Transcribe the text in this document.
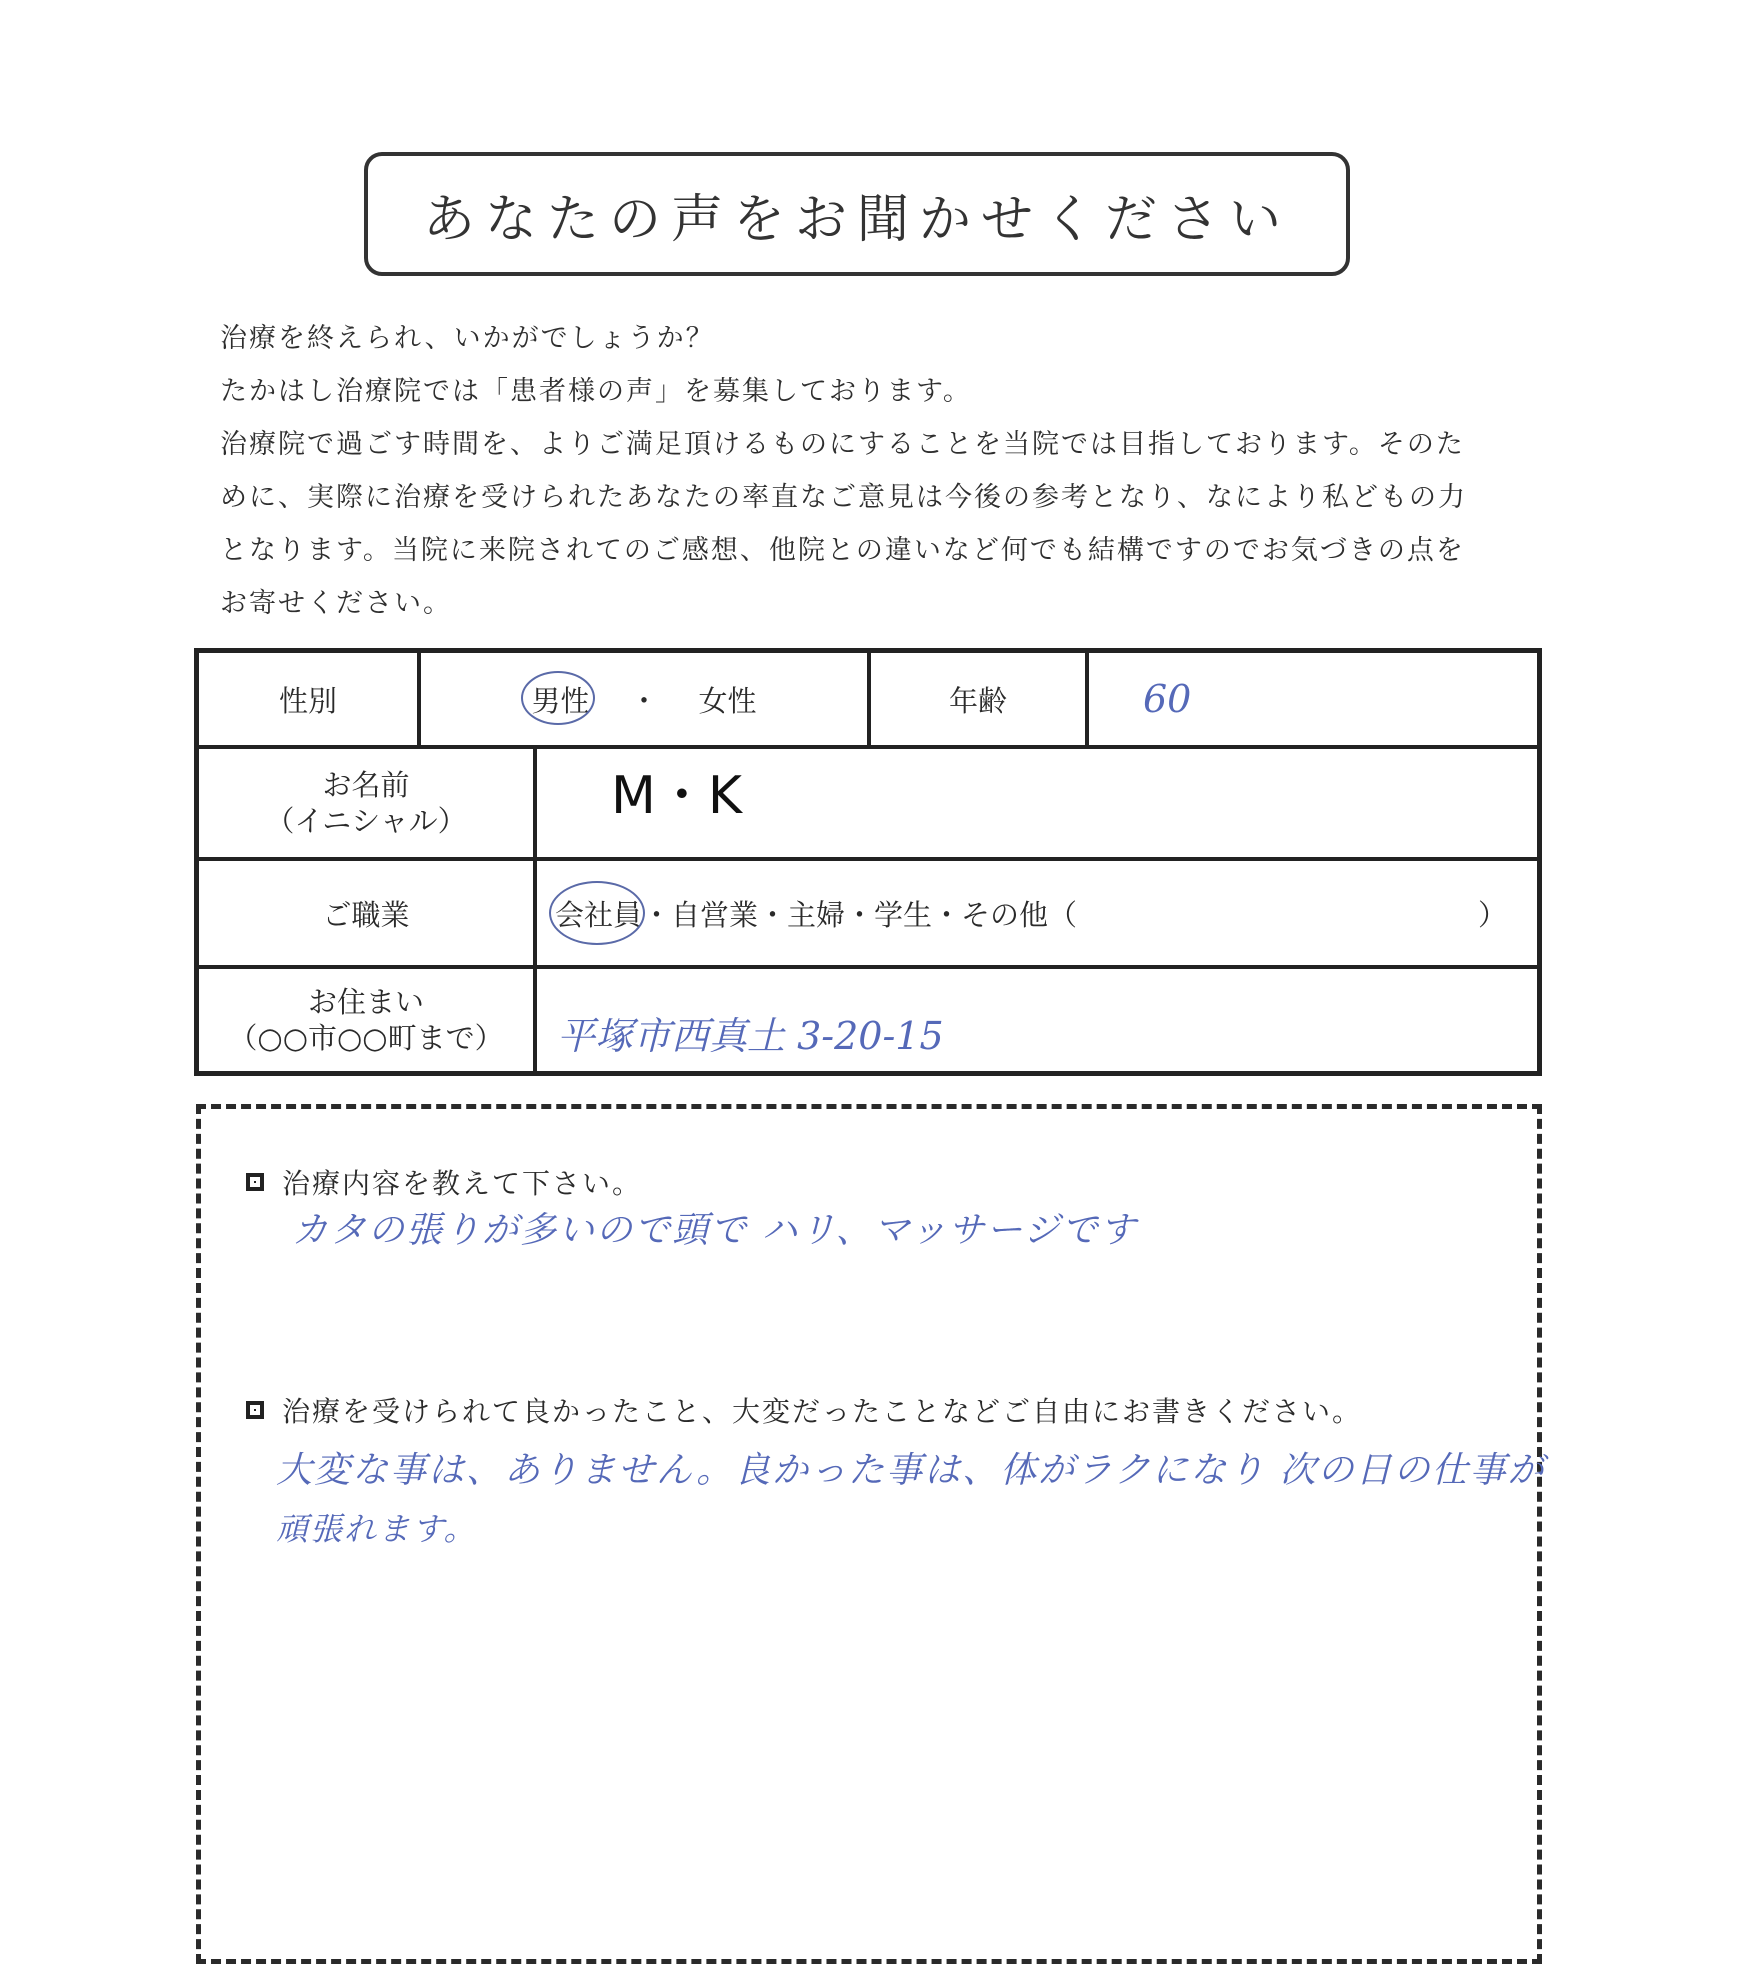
あなたの声をお聞かせください
治療を終えられ、いかがでしょうか？
たかはし治療院では「患者様の声」を募集しております。
治療院で過ごす時間を、よりご満足頂けるものにすることを当院では目指しております。そのた
めに、実際に治療を受けられたあなたの率直なご意見は今後の参考となり、なにより私どもの力
となります。当院に来院されてのご感想、他院との違いなど何でも結構ですのでお気づきの点を
お寄せください。
性別	男性 ・ 女性	年齢	60
お名前
（イニシャル）	M・K
ご職業	会社員・自営業・主婦・学生・その他（	）
お住まい
（○○市○○町まで） 平塚市西真土 3-20-15
治療内容を教えて下さい。
カタの張りが多いので頭で ハリ、マッサージです
治療を受けられて良かったこと、大変だったことなどご自由にお書きください。
大変な事は、ありません。良かった事は、体がラクになり 次の日の仕事が
頑張れます。
